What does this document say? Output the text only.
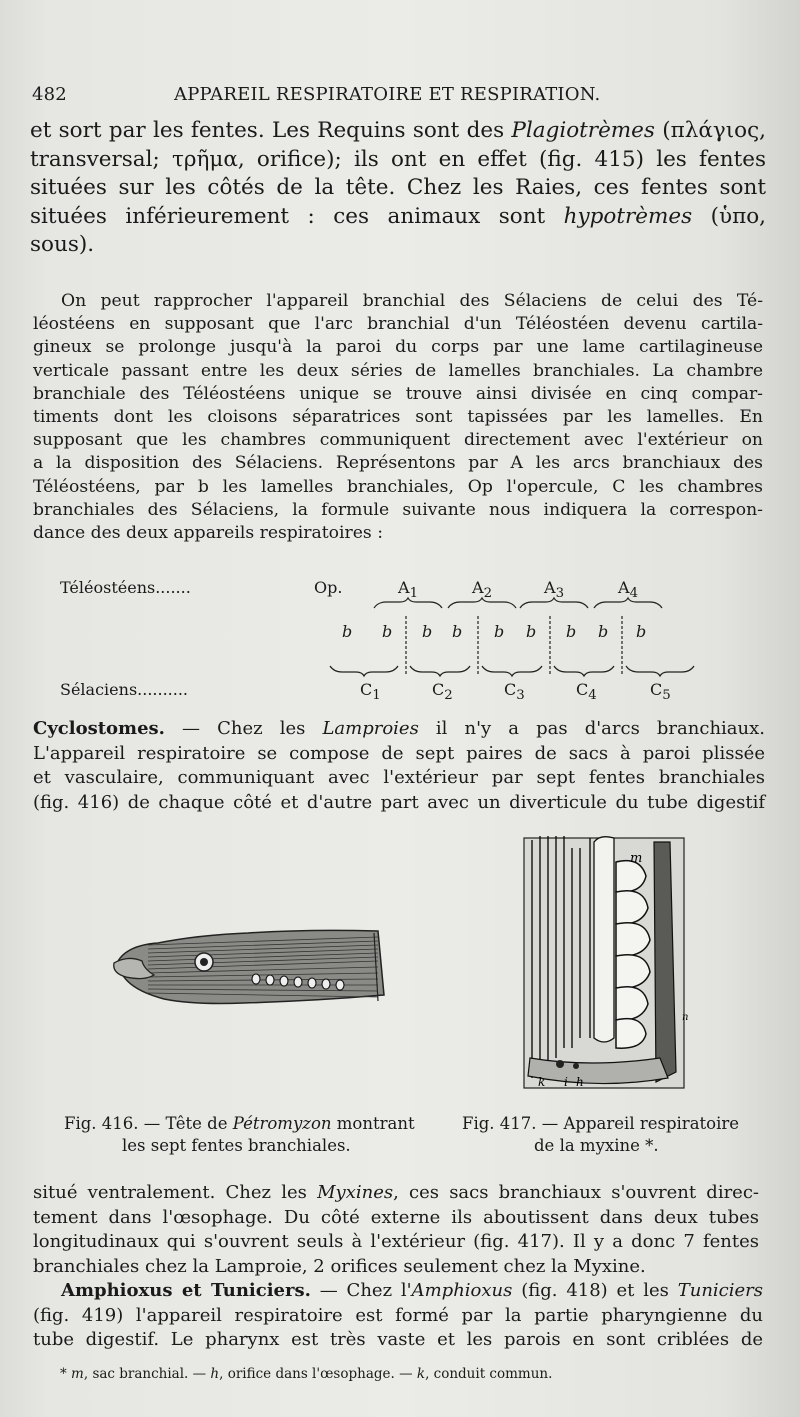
482	APPAREIL RESPIRATOIRE ET RESPIRATION.
et sort par les fentes. Les Requins sont des Plagiotrèmes (πλάγιος,
transversal; τρῆμα, orifice); ils ont en effet (fig. 415) les fentes
situées sur les côtés de la tête. Chez les Raies, ces fentes sont
situées inférieurement : ces animaux sont hypotrèmes (ὑπο,
sous).
On peut rapprocher l'appareil branchial des Sélaciens de celui des Té-
léostéens en supposant que l'arc branchial d'un Téléostéen devenu cartila-
gineux se prolonge jusqu'à la paroi du corps par une lame cartilagineuse
verticale passant entre les deux séries de lamelles branchiales. La chambre
branchiale des Téléostéens unique se trouve ainsi divisée en cinq compar-
timents dont les cloisons séparatrices sont tapissées par les lamelles. En
supposant que les chambres communiquent directement avec l'extérieur on
a la disposition des Sélaciens. Représentons par A les arcs branchiaux des
Téléostéens, par b les lamelles branchiales, Op l'opercule, C les chambres
branchiales des Sélaciens, la formule suivante nous indiquera la correspon-
dance des deux appareils respiratoires :
Téléostéens.......	Op.	$A_1$	$A_2$	$A_3$	$A_4$
b b b b b b b b b
Sélaciens..........	$C_1$	$C_2$	$C_3$	$C_4$	$C_5$
Cyclostomes. — Chez les Lamproies il n'y a pas d'arcs branchiaux.
L'appareil respiratoire se compose de sept paires de sacs à paroi plissée
et vasculaire, communiquant avec l'extérieur par sept fentes branchiales
(fig. 416) de chaque côté et d'autre part avec un diverticule du tube digestif
m
n
k i h
Fig. 416. — Tête de Pétromyzon montrant
les sept fentes branchiales.
Fig. 417. — Appareil respiratoire
de la myxine *.
situé ventralement. Chez les Myxines, ces sacs branchiaux s'ouvrent direc-
tement dans l'œsophage. Du côté externe ils aboutissent dans deux tubes
longitudinaux qui s'ouvrent seuls à l'extérieur (fig. 417). Il y a donc 7 fentes
branchiales chez la Lamproie, 2 orifices seulement chez la Myxine.
Amphioxus et Tuniciers. — Chez l'Amphioxus (fig. 418) et les Tuniciers
(fig. 419) l'appareil respiratoire est formé par la partie pharyngienne du
tube digestif. Le pharynx est très vaste et les parois en sont criblées de
* m, sac branchial. — h, orifice dans l'œsophage. — k, conduit commun.
